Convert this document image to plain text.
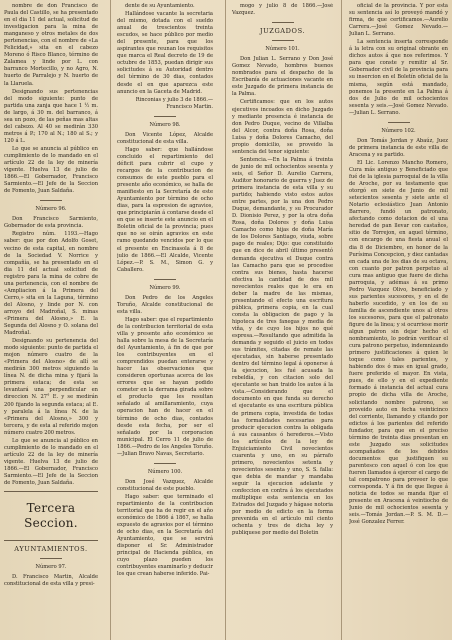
nombre de don Francisco de Paula del Castillo, se ha presentado en el dia 11 del actual, solicitud de investigacion para la mina de manganeso y otros metales de dos pertenencias, con el nombre de «La Felicidad,» sita en el cabezo Moreno ó Risco Blanco, término de Zalamea y linde por L. con barranco Mortecillo, y no Agro, N. huerto de Parralejo y N. huerto de la Llaruela.

Designando sus pertenencias del modo siguiente: punto de partida una zanja que hace 1 ½ m. de largo, á 30 m. del barranco, á sea un pozo, de las peñas mas altas del cabezo. Al 40 se medirán 330 metros á P.; 170 al N.; 180 al S.; y 120 á L.

Lo que se anuncia al público en cumplimiento de lo mandado en el artículo 22 de la ley de minería vigente. Huelva 13 de julio de 1866.—El Gobernador, Francisco Sarmiento.—El Jefe de la Seccion de Fomento, Juan Saldaña.

Número 96.

Don Francisco Sarmiento, Gobernador de esta provincia.

Registro núm. 1193.—Hago saber: que por don Adolfo Goset, vecino de esta capital, en nombre de la Sociedad V. Norrice y compañía, se ha presentado en el dia 11 del actual solicitud de registro para la mina de cobre de una pertenencia, con el nombre de «Ampliacion á la Primera del Cerro,» sita en la Laguna, término del Alosno, y linde por N. con arroyo del Madroñal, S. minas «Primera del Alosno,» E. la Segunda del Alosno y O. solana del Madroñal.

Designando su pertenencia del modo siguiente: punto de partida el mojon número cuatro de la «Primera del Alosno» de allí se medirán 300 metros siguiendo la línea N. de dicha mina y fijará la primera estaca; de esta se levantará una perpendicular en direccion N. 27° E. y se medirán 200 fijando la segunda estaca; al E. y paralela á la línea N. de la «Primera del Alosno,» 300 y tercera, y de esta al referido mojon número cuatro 200 metros.

Lo que se anuncia al público en cumplimiento de lo mandado en el artículo 22 de la ley de minería vigente. Huelva 13 de julio de 1866.—El Gobernador, Francisco Sarmiento.—El Jefe de la Seccion de Fomento, Juan Saldaña.

Tercera Seccion.
AYUNTAMIENTOS.

Número 97.

D. Francisco Martin, Alcalde constitucional de esta villa y presi-

dente de su Ayuntamiento.

Hallándose vacante la secretaria del mismo, dotada con el sueldo anual de trescientos treinta escudos, se hace público por medio del presente, para que los aspirantes que reunan los requisitos que marca el Real decreto de 19 de octubre de 1853, puedan dirigir sus solicitudes á su Autoridad dentro del término de 30 dias, contados desde el en que aparezca este anuncio en la Gaceta de Madrid.

Rinconias y julio 3 de 1866.—Francisco Martin.

Número 98.

Don Vicente López, Alcalde constitucional de esta villa.

Hago saber: que hallándose concluido el repartimiento del déficit para cubrir el cupo y recargos de la contribucion de consumos de este pueblo para el presente año económico, se halla de manifiesto en la Secretaría de este Ayuntamiento por término de ocho dias, para la espresion de agravios, que principiarán á contarse desde el en que se inserte este anuncio en el Boletin oficial de la provincia; pues que no se oirán agravios en este ramo quedando vencidos por lo que el presente en Encinasola á 8 de julio de 1866.—El Alcalde, Vicente López.—P. S. M., Simon G. y Caballero.

Número 99.

Don Pedro de los Angeles Toruño, Alcalde constitucional de esta villa.

Hago saber: que el repartimiento de la contribucion territorial de esta villa y presente año económico se halla sobre la mesa de la Secretaría del Ayuntamiento, á fin de que por los contribuyentes en el comprendidos puedan enterarse y hacer las observaciones que consideren oportunas acerca de los errores que se hayan podido cometer en la derrama girada sobre el producto que les resultan señalado al amillaramiento, cuya operacion han de hacer en el término de ocho dias, contados desde esta fecha, por ser el señalado por la corporacion municipal. El Cerro 11 de julio de 1866.—Pedro de los Angeles Toruño.—Julian Bravo Navas, Secretario.

Número 100.

Don José Vazquez, Alcalde constitucional de este pueblo.

Hago saber: que terminado el repartimiento de la contribucion territorial que ha de regir en el año económico de 1866 á 1867, se halla expuesto de agravios por el término de ocho dias, en la Secretaría del Ayuntamiento, que se servirá disponer el Sr. Administrador principal de Hacienda pública, en cuyo plazo pueden los contribuyentes examinarlo y deducir los que crean haberse inferido. Pai-

mogo y julio 8 de 1866.—José Vazquez.

JUZGADOS.

Número 101.

Don Julian L. Serrano y Don José Gomez Nevado, hombres buenos nombrados para el despacho de la Escribanía de actuaciones vacante en este Juzgado de primera instancia de la Palma.

Certificamos: que en los autos ejecutivos incoados en dicho Juzgado y mediante presencia é instancia de don Pedro Duque, vecino de Villalba del Alcor, contra doña Rosa, doña Luisa y doña Dolores Camacho, del propio domicilio, se proveido la sentencia del tenor siguiente:

Sentencia.—En la Palma á treinta de junio de mil ochocientos sesenta y seis, el Señor D. Aurelio Carrera, Auditor honorario de guerra y Juez de primera instancia de esta villa y su partido; habiendo visto estos autos entre partes, por la una don Pedro Duque, demandante, y su Procurador D. Dionisio Perez, y por la otra doña Rosa, doña Dolores y doña Luisa Camacho como hijas de doña María de los Dolores Santiago, viuda, sobre pago de reales; Dijo: que constituido que en dice de abril último presentó demanda ejecutiva el Duque contra las Camacho para que se procedise contra sus bienes, hasta hacerse efectiva la cantidad de dos mil novecientos reales que le era en deber la madre de las mismas, presentando el efecto una escritura pública, primera copia, en la cual consta la obligacion de pago y la hipoteca de tres fanegas y media de viña, y de cuyo los hijos no qué espresa.—Resultando que admitida la demanda y seguido el juicio en todos sus trámites, citadas de remate las ejecutadas, sin haberse presentado dentro del término legal á oponerse á la ejecucion, les fué acusada la rebeldía, y con citacion solo del ejecutante se han traido los autos á la vista.—Considerando que el documento en que funda su derecho el ejecutante es una escritura pública de primera copia, investida de todas las formalidades necesarias para producir ejecucion contra la obligada á sus causantes ó herederos.—Visto los artículos de la ley de Enjuiciamiento Civil novecientos cuarenta y uno, en su párrafo primero, novecientos setenta y novecientos sesenta y uno, S. S. falla: que debia de mandar y mandaba seguir la ejecucion adelante y confeccion en contra á los ejecutados multiplique esta sentencia en los Estrados del Juzgado y hágase notoria por medio de edicto en la forma prevenida en el artículo mil ciento ochenta y tres de dicha ley y publiquese por medio del Boletin

oficial de la provincia. Y por esta su sentencia así lo proveyó mandó y firma, de que certificamos.—Aurelio Carrera.—José Gomez Nevado.—Julian L. Serrano.

La sentencia inserta corresponde á la letra con su original obrante en dichos autos á que nos referimos. Y para que conste y remitir al Sr. Gobernador civil de la provincia para su insercion en el Boletín oficial de la misma, según está mandado, ponemos la presente en La Palma á dos de Julio de mil ochocientos sesenta y seis.—José Gomez Nevado.—Julian L. Serrano.

Número 102.

Don Tomás Jordan y Abaúz, Juez de primera instancia de este villa de Aracena y su partido.

El Lic. Lorenzo Mancho Romero, Cura más antiguo y Beneficiado que fué de la iglesia parroquial de la villa de Aroche, por su testamento que otorgó en siete de Junio de mil setecientos sesenta y siete ante el Notario eclesiástico Juan Antonio Barrero, fundó un patronato, afectando como dotacion de el una heredad de pan llevar con castaños, sitio de Torrejon, en aquel término, con encargo de una fiesta anual el dia 8 de Diciembre, en honor de la Purísima Concepcion, y diez cantadas en cada una de los dias de su octava, con cuanto por patron perpetuo al cura mas antiguo que fuere de dicha parroquia, y adémas á su primo Pedro Vazquez Olivo, beneficiado y sus parientes sucesores, y en el de haberlo sucedido, y en los de su familia de ascendiente unos al otros los sucesores, para que el patronato figure de la linea; y si ocurriese morir algun patron sin dejar hecho el nombramiento, lo podrán verificar el cura patrono perpetuo, indemnizando primero justificaciones á quien le toque como tales parientes, y habiendo dos ó mas en igual grado, fuere preferido el mayor. En vista, pues, de ello y en el expediente formado á instancia del actual cura propio de dicha villa de Aroche, solicitando nombre patrono, se proveido auto en fecha veinticinco del corriente, llamando y citando por edictos á los parientes del referido fundador, para que en el preciso término de treinta dias presentan en este Juzgado sus solicitudes acompañados de los debidos documentos que justifiquen su parentesco con aquel ó con los que fueren llamados á ejercer el cargo de tal compatrono para proveer lo que corresponda. Y á fin de que llegue á noticia de todos se manda fijar el presente en Aracena á veintiocho de Junio de mil ochocientos sesenta y seis.—Tomás Jordan.—P. S. M. D.—José Gonzalez Ferrer.
